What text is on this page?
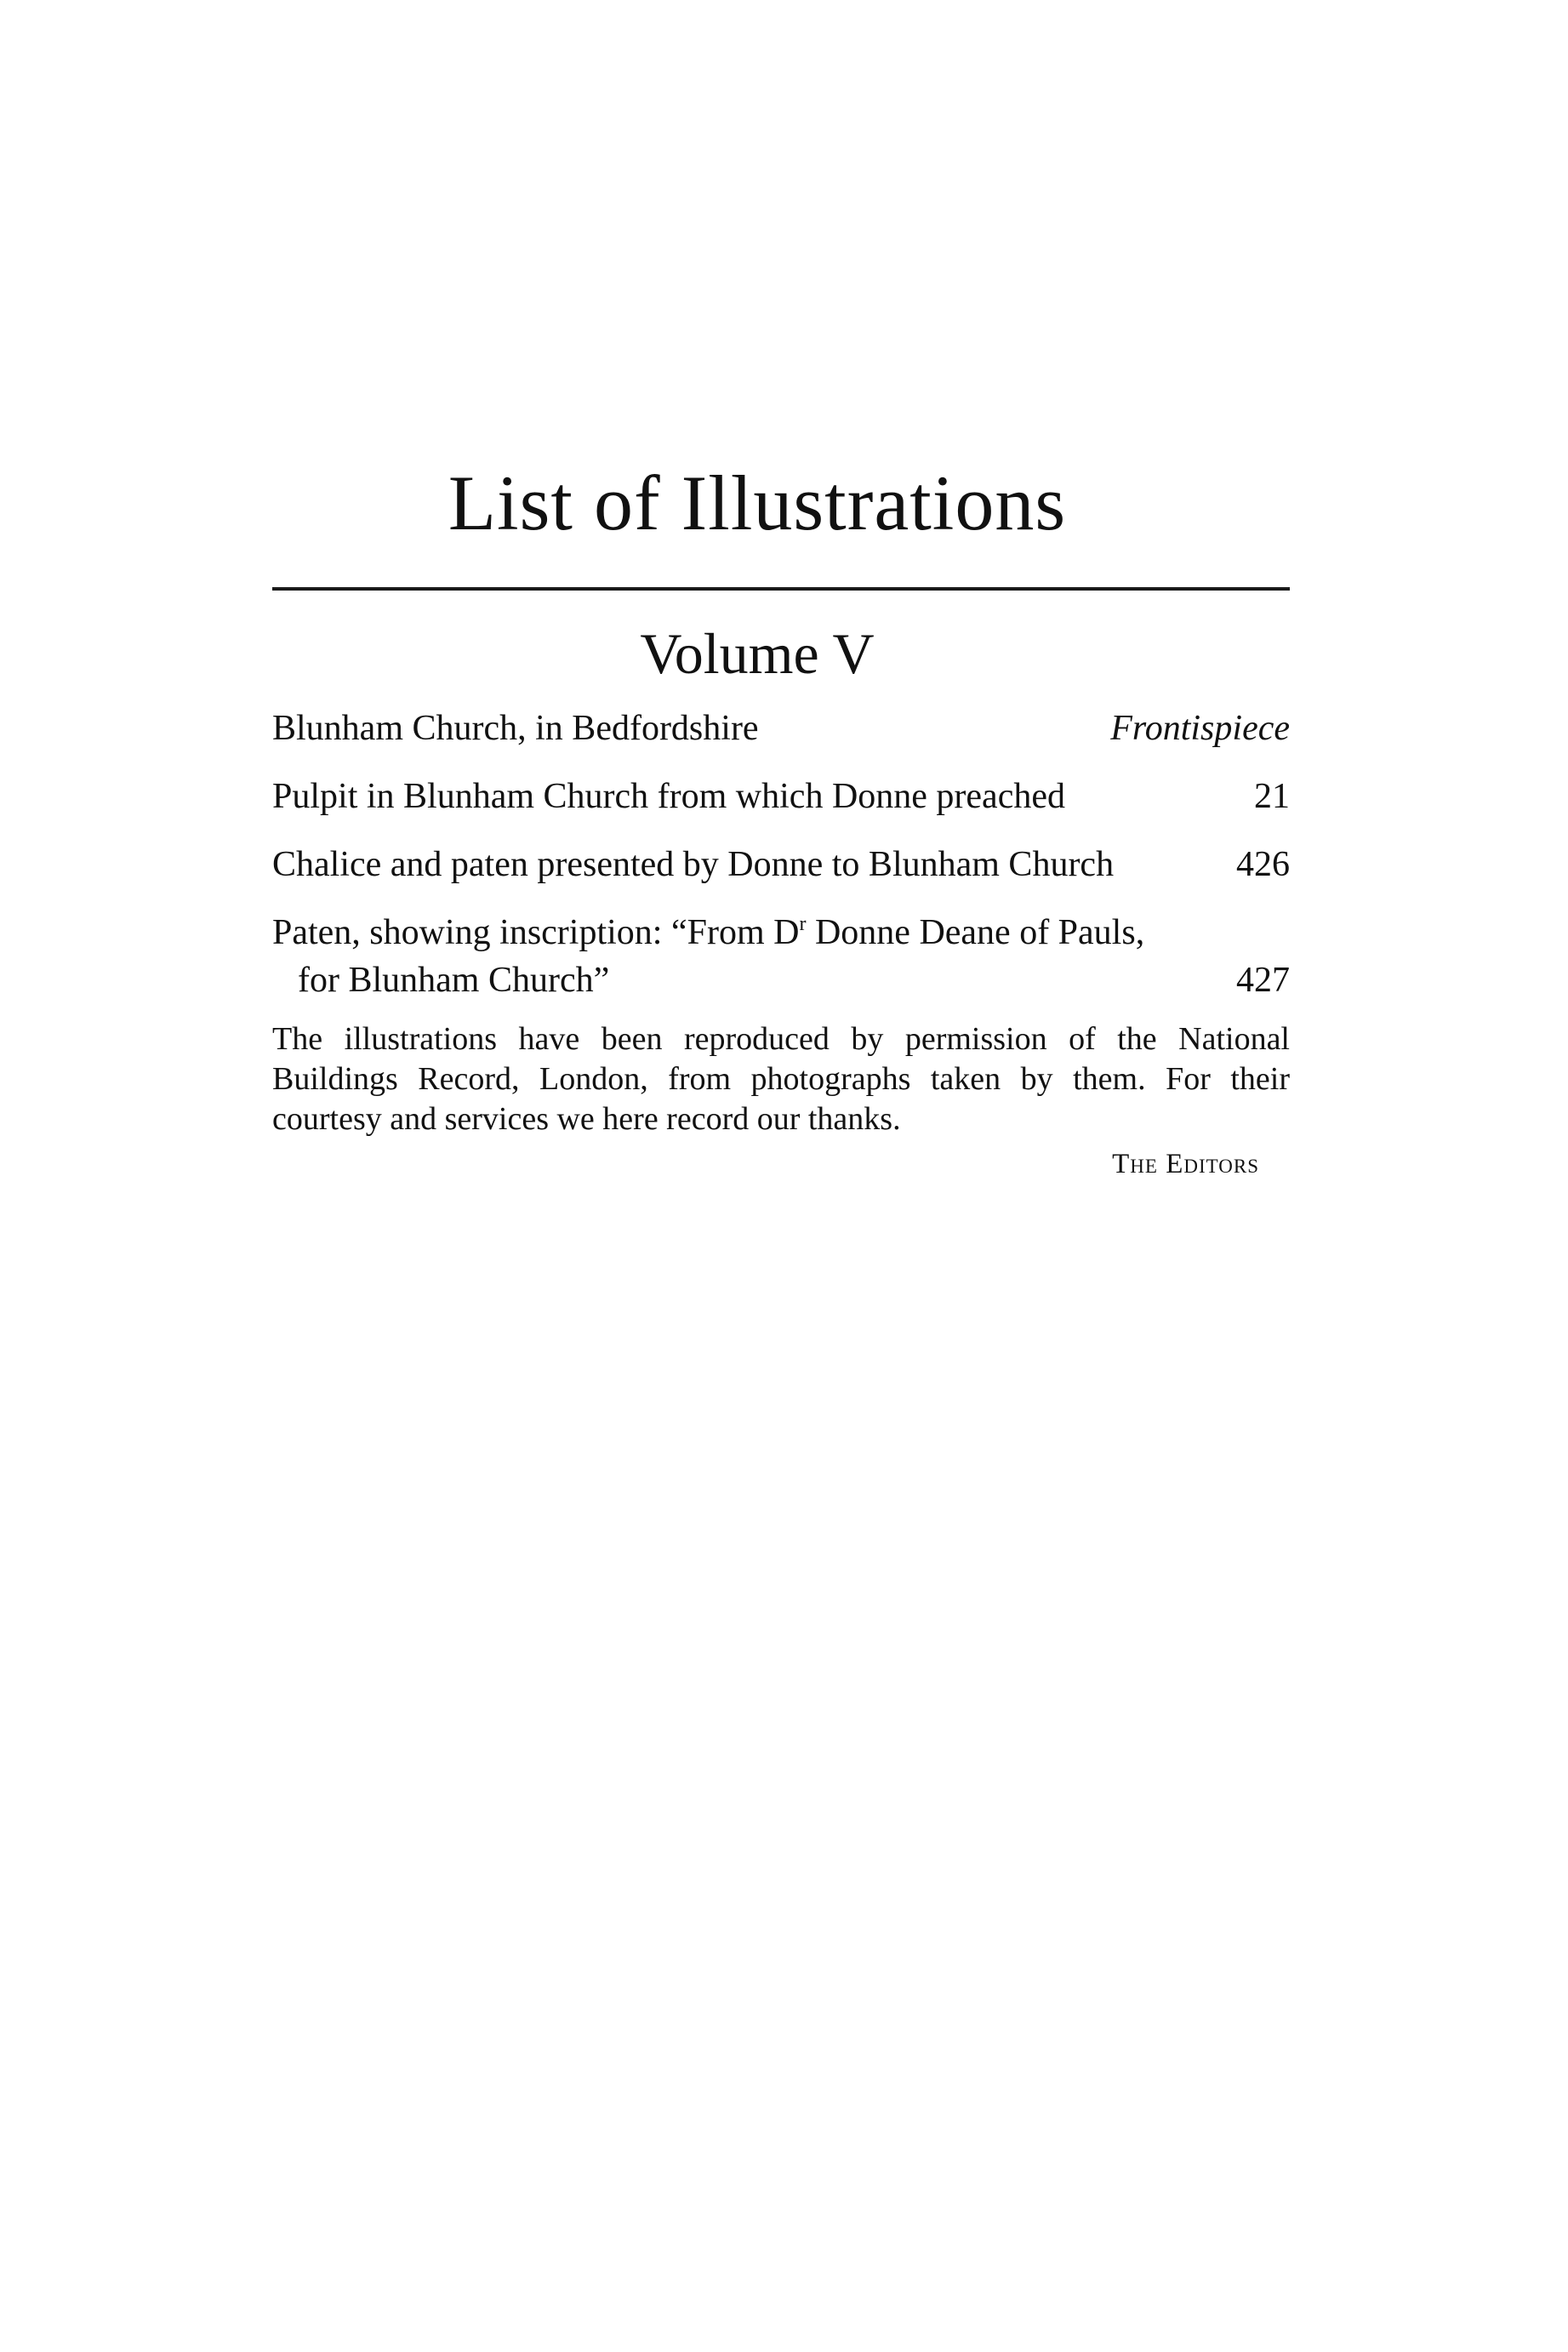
List of Illustrations
Volume V
Blunham Church, in Bedfordshire	Frontispiece
Pulpit in Blunham Church from which Donne preached	21
Chalice and paten presented by Donne to Blunham Church	426
Paten, showing inscription: “From $D^r$ Donne Deane of Pauls,
for Blunham Church”	427

The illustrations have been reproduced by permission of the National Buildings Record, London, from photographs taken by them. For their courtesy and services we here record our thanks.

The Editors
